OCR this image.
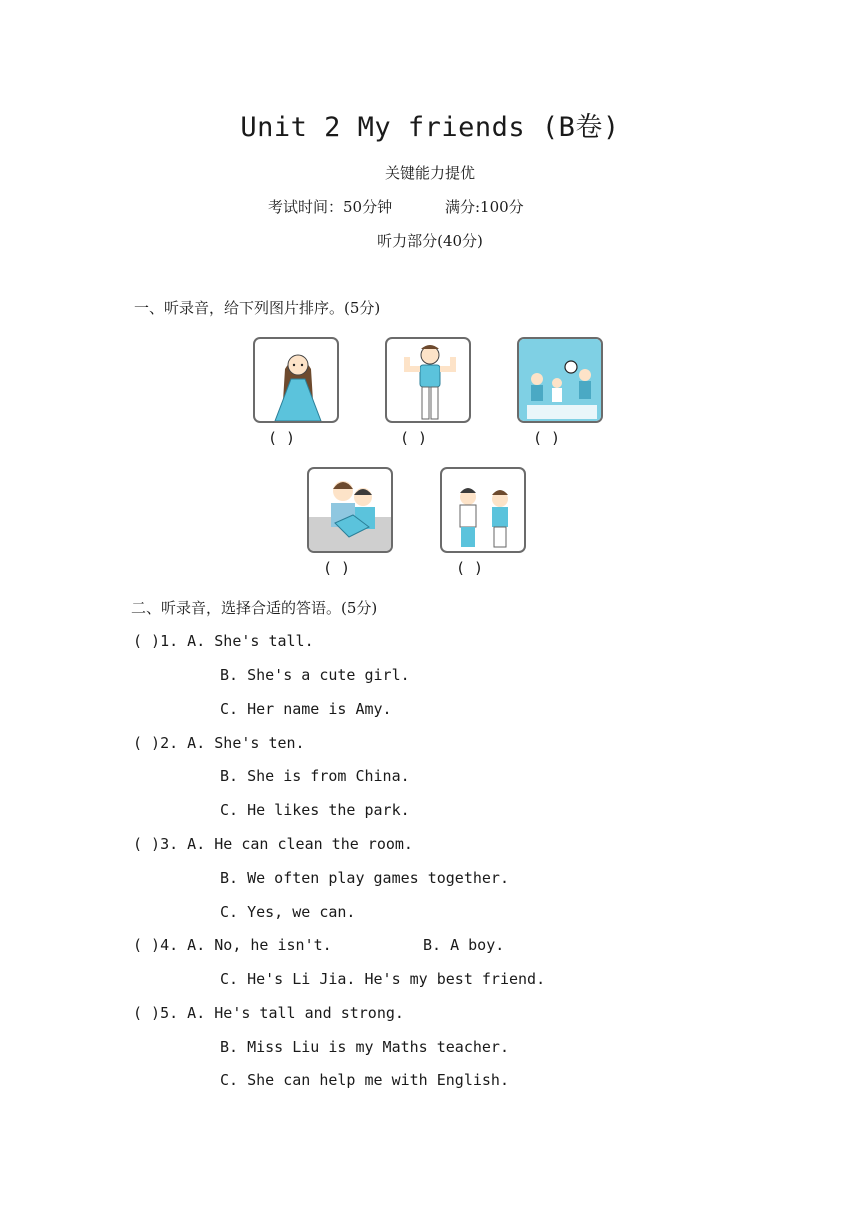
Unit 2 My friends (B卷)
关键能力提优
考试时间：50分钟	满分:100分
听力部分(40分)
一、听录音，给下列图片排序。(5分)
( )	( )	( )
( )	( )
二、听录音，选择合适的答语。(5分)
( )1. A. She's tall.
B. She's a cute girl.
C. Her name is Amy.
( )2. A. She's ten.
B. She is from China.
C. He likes the park.
( )3. A. He can clean the room.
B. We often play games together.
C. Yes, we can.
( )4. A. No, he isn't.	B. A boy.
C. He's Li Jia. He's my best friend.
( )5. A. He's tall and strong.
B. Miss Liu is my Maths teacher.
C. She can help me with English.
